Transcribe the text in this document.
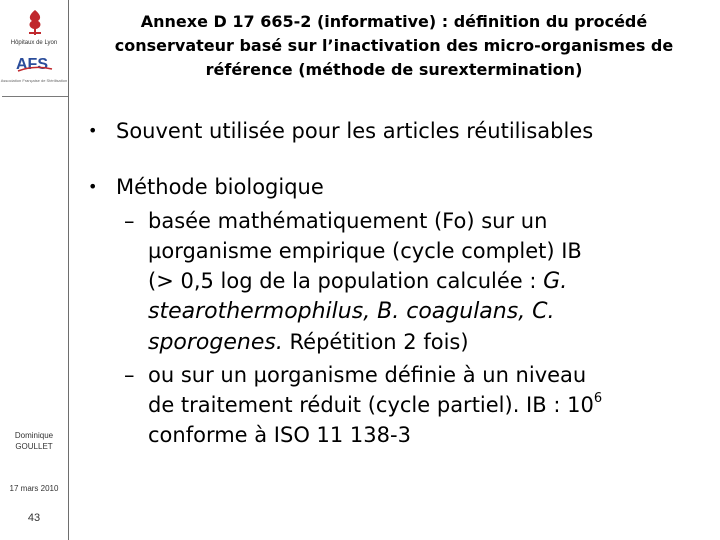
Hôpitaux de Lyon
AFS
Association Française de Stérilisation
Dominique
GOULLET
17 mars 2010
43
Annexe D 17 665-2 (informative) : définition du procédé
conservateur basé sur l’inactivation des micro-organismes de
référence (méthode de surextermination)
• Souvent utilisée pour les articles réutilisables
• Méthode biologique
– basée mathématiquement (Fo) sur un
µorganisme empirique (cycle complet) IB
(> 0,5 log de la population calculée : G.
stearothermophilus, B. coagulans, C.
sporogenes. Répétition 2 fois)
– ou sur un µorganisme définie à un niveau
de traitement réduit (cycle partiel). IB : $10^6$
conforme à ISO 11 138-3
